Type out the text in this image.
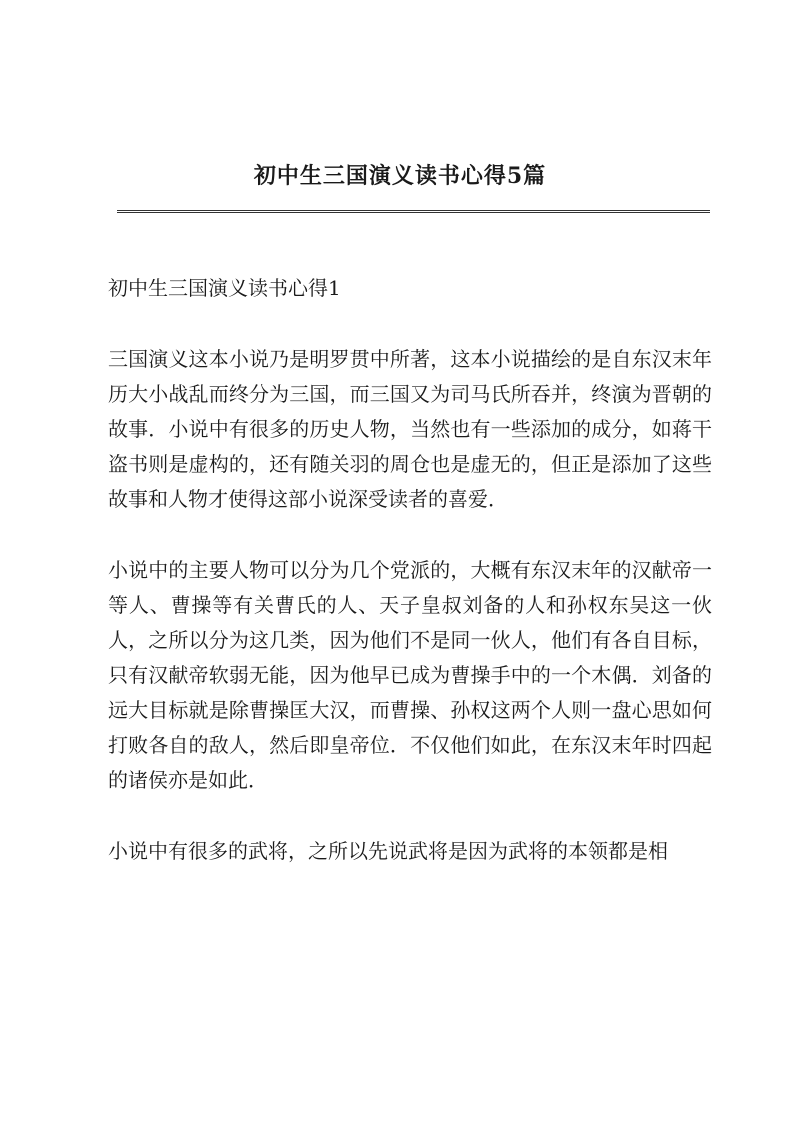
初中生三国演义读书心得5篇

初中生三国演义读书心得1

三国演义这本小说乃是明罗贯中所著，这本小说描绘的是自东汉末年历大小战乱而终分为三国，而三国又为司马氏所吞并，终演为晋朝的故事．小说中有很多的历史人物，当然也有一些添加的成分，如蒋干盗书则是虚构的，还有随关羽的周仓也是虚无的，但正是添加了这些故事和人物才使得这部小说深受读者的喜爱．

小说中的主要人物可以分为几个党派的，大概有东汉末年的汉献帝一等人、曹操等有关曹氏的人、天子皇叔刘备的人和孙权东吴这一伙人，之所以分为这几类，因为他们不是同一伙人，他们有各自目标，只有汉献帝软弱无能，因为他早已成为曹操手中的一个木偶．刘备的远大目标就是除曹操匡大汉，而曹操、孙权这两个人则一盘心思如何打败各自的敌人，然后即皇帝位．不仅他们如此，在东汉末年时四起的诸侯亦是如此．

小说中有很多的武将，之所以先说武将是因为武将的本领都是相
